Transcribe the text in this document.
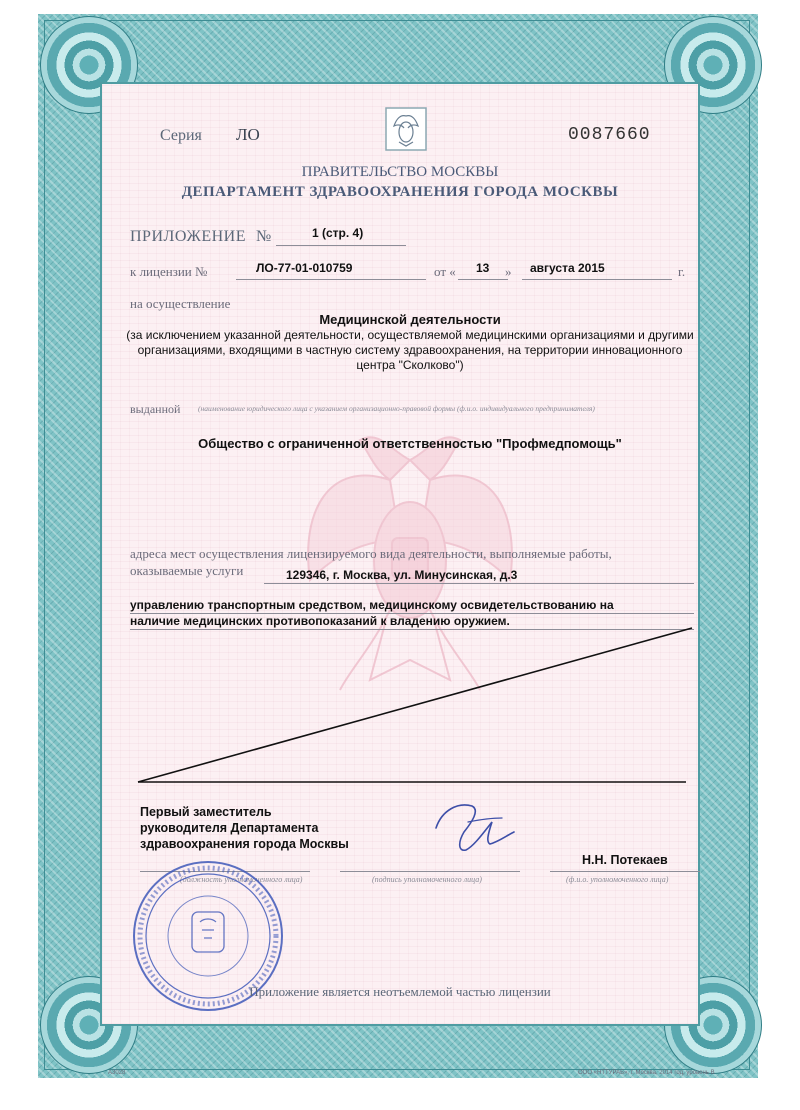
Серия ЛО	0087660
ПРАВИТЕЛЬСТВО МОСКВЫ
ДЕПАРТАМЕНТ ЗДРАВООХРАНЕНИЯ ГОРОДА МОСКВЫ
ПРИЛОЖЕНИЕ №	1 (стр. 4)
к лицензии №	ЛО-77-01-010759	от « 13 » августа 2015	г.
на осуществление
Медицинской деятельности
(за исключением указанной деятельности, осуществляемой медицинскими организациями и другими организациями, входящими в частную систему здравоохранения, на территории инновационного центра "Сколково")
выданной (наименование юридического лица с указанием организационно-правовой формы (ф.и.о. индивидуального предпринимателя)
Общество с ограниченной ответственностью "Профмедпомощь"
адреса мест осуществления лицензируемого вида деятельности, выполняемые работы,
оказываемые услуги	129346, г. Москва, ул. Минусинская, д.3
управлению транспортным средством, медицинскому освидетельствованию на
наличие медицинских противопоказаний к владению оружием.
Первый заместитель руководителя Департамента здравоохранения города Москвы
Н.Н. Потекаев
(должность уполномоченного лица)	(подпись уполномоченного лица)	(ф.и.о. уполномоченного лица)
Приложение является неотъемлемой частью лицензии
А3028	ООО «НТТУРАБ», г. Москва, 2014 год, уровень В
